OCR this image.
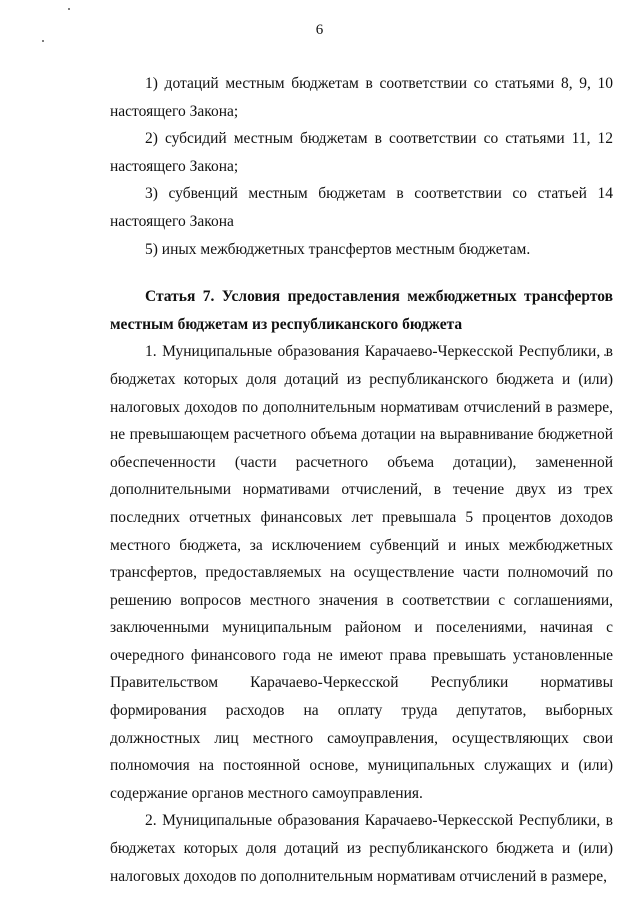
6

1) дотаций местным бюджетам в соответствии со статьями 8, 9, 10 настоящего Закона;

2) субсидий местным бюджетам в соответствии со статьями 11, 12 настоящего Закона;

3) субвенций местным бюджетам в соответствии со статьей 14 настоящего Закона

5) иных межбюджетных трансфертов местным бюджетам.

Статья 7. Условия предоставления межбюджетных трансфертов местным бюджетам из республиканского бюджета

1. Муниципальные образования Карачаево-Черкесской Республики, в бюджетах которых доля дотаций из республиканского бюджета и (или) налоговых доходов по дополнительным нормативам отчислений в размере, не превышающем расчетного объема дотации на выравнивание бюджетной обеспеченности (части расчетного объема дотации), замененной дополнительными нормативами отчислений, в течение двух из трех последних отчетных финансовых лет превышала 5 процентов доходов местного бюджета, за исключением субвенций и иных межбюджетных трансфертов, предоставляемых на осуществление части полномочий по решению вопросов местного значения в соответствии с соглашениями, заключенными муниципальным районом и поселениями, начиная с очередного финансового года не имеют права превышать установленные Правительством Карачаево-Черкесской Республики нормативы формирования расходов на оплату труда депутатов, выборных должностных лиц местного самоуправления, осуществляющих свои полномочия на постоянной основе, муниципальных служащих и (или) содержание органов местного самоуправления.

2. Муниципальные образования Карачаево-Черкесской Республики, в бюджетах которых доля дотаций из республиканского бюджета и (или) налоговых доходов по дополнительным нормативам отчислений в размере,
